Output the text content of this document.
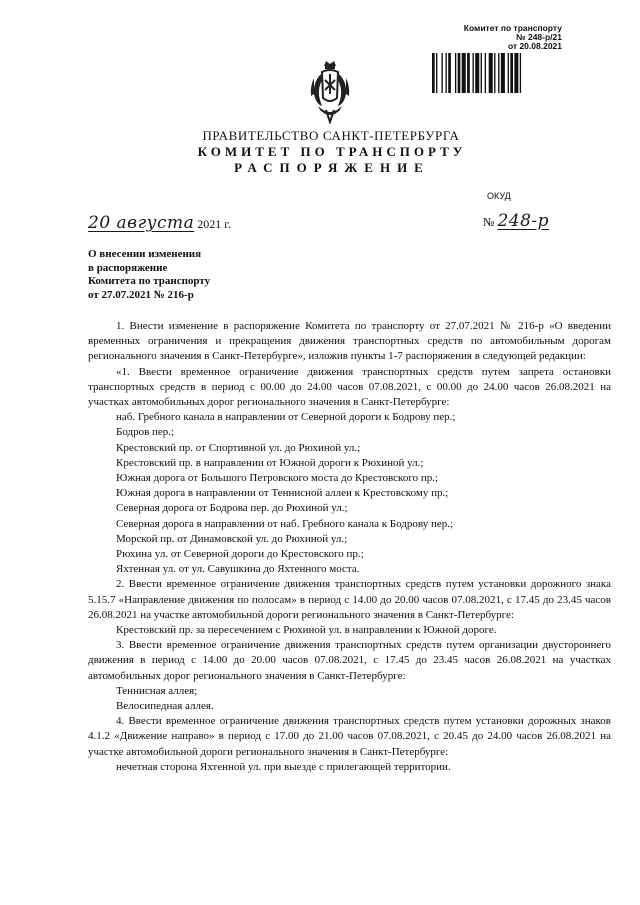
Комитет по транспорту
№ 248-р/21
от 20.08.2021
ПРАВИТЕЛЬСТВО САНКТ-ПЕТЕРБУРГА
КОМИТЕТ ПО ТРАНСПОРТУ
РАСПОРЯЖЕНИЕ
ОКУД
20 августа 2021 г.	№ 248-р
О внесении изменения
в распоряжение
Комитета по транспорту
от 27.07.2021 № 216-р

1. Внести изменение в распоряжение Комитета по транспорту от 27.07.2021 № 216-р «О введении временных ограничения и прекращения движения транспортных средств по автомобильным дорогам регионального значения в Санкт-Петербурге», изложив пункты 1-7 распоряжения в следующей редакции:

«1. Ввести временное ограничение движения транспортных средств путем запрета остановки транспортных средств в период с 00.00 до 24.00 часов 07.08.2021, с 00.00 до 24.00 часов 26.08.2021 на участках автомобильных дорог регионального значения в Санкт-Петербурге:

наб. Гребного канала в направлении от Северной дороги к Бодрову пер.;

Бодров пер.;

Крестовский пр. от Спортивной ул. до Рюхиной ул.;

Крестовский пр. в направлении от Южной дороги к Рюхиной ул.;

Южная дорога от Большого Петровского моста до Крестовского пр.;

Южная дорога в направлении от Теннисной аллеи к Крестовскому пр.;

Северная дорога от Бодрова пер. до Рюхиной ул.;

Северная дорога в направлении от наб. Гребного канала к Бодрову пер.;

Морской пр. от Динамовской ул. до Рюхиной ул.;

Рюхина ул. от Северной дороги до Крестовского пр.;

Яхтенная ул. от ул. Савушкина до Яхтенного моста.

2. Ввести временное ограничение движения транспортных средств путем установки дорожного знака 5.15.7 «Направление движения по полосам» в период с 14.00 до 20.00 часов 07.08.2021, с 17.45 до 23.45 часов 26.08.2021 на участке автомобильной дороги регионального значения в Санкт-Петербурге:

Крестовский пр. за пересечением с Рюхиной ул. в направлении к Южной дороге.

3. Ввести временное ограничение движения транспортных средств путем организации двустороннего движения в период с 14.00 до 20.00 часов 07.08.2021, с 17.45 до 23.45 часов 26.08.2021 на участках автомобильных дорог регионального значения в Санкт-Петербурге:

Теннисная аллея;

Велосипедная аллея.

4. Ввести временное ограничение движения транспортных средств путем установки дорожных знаков 4.1.2 «Движение направо» в период с 17.00 до 21.00 часов 07.08.2021, с 20.45 до 24.00 часов 26.08.2021 на участке автомобильной дороги регионального значения в Санкт-Петербурге:

нечетная сторона Яхтенной ул. при выезде с прилегающей территории.
